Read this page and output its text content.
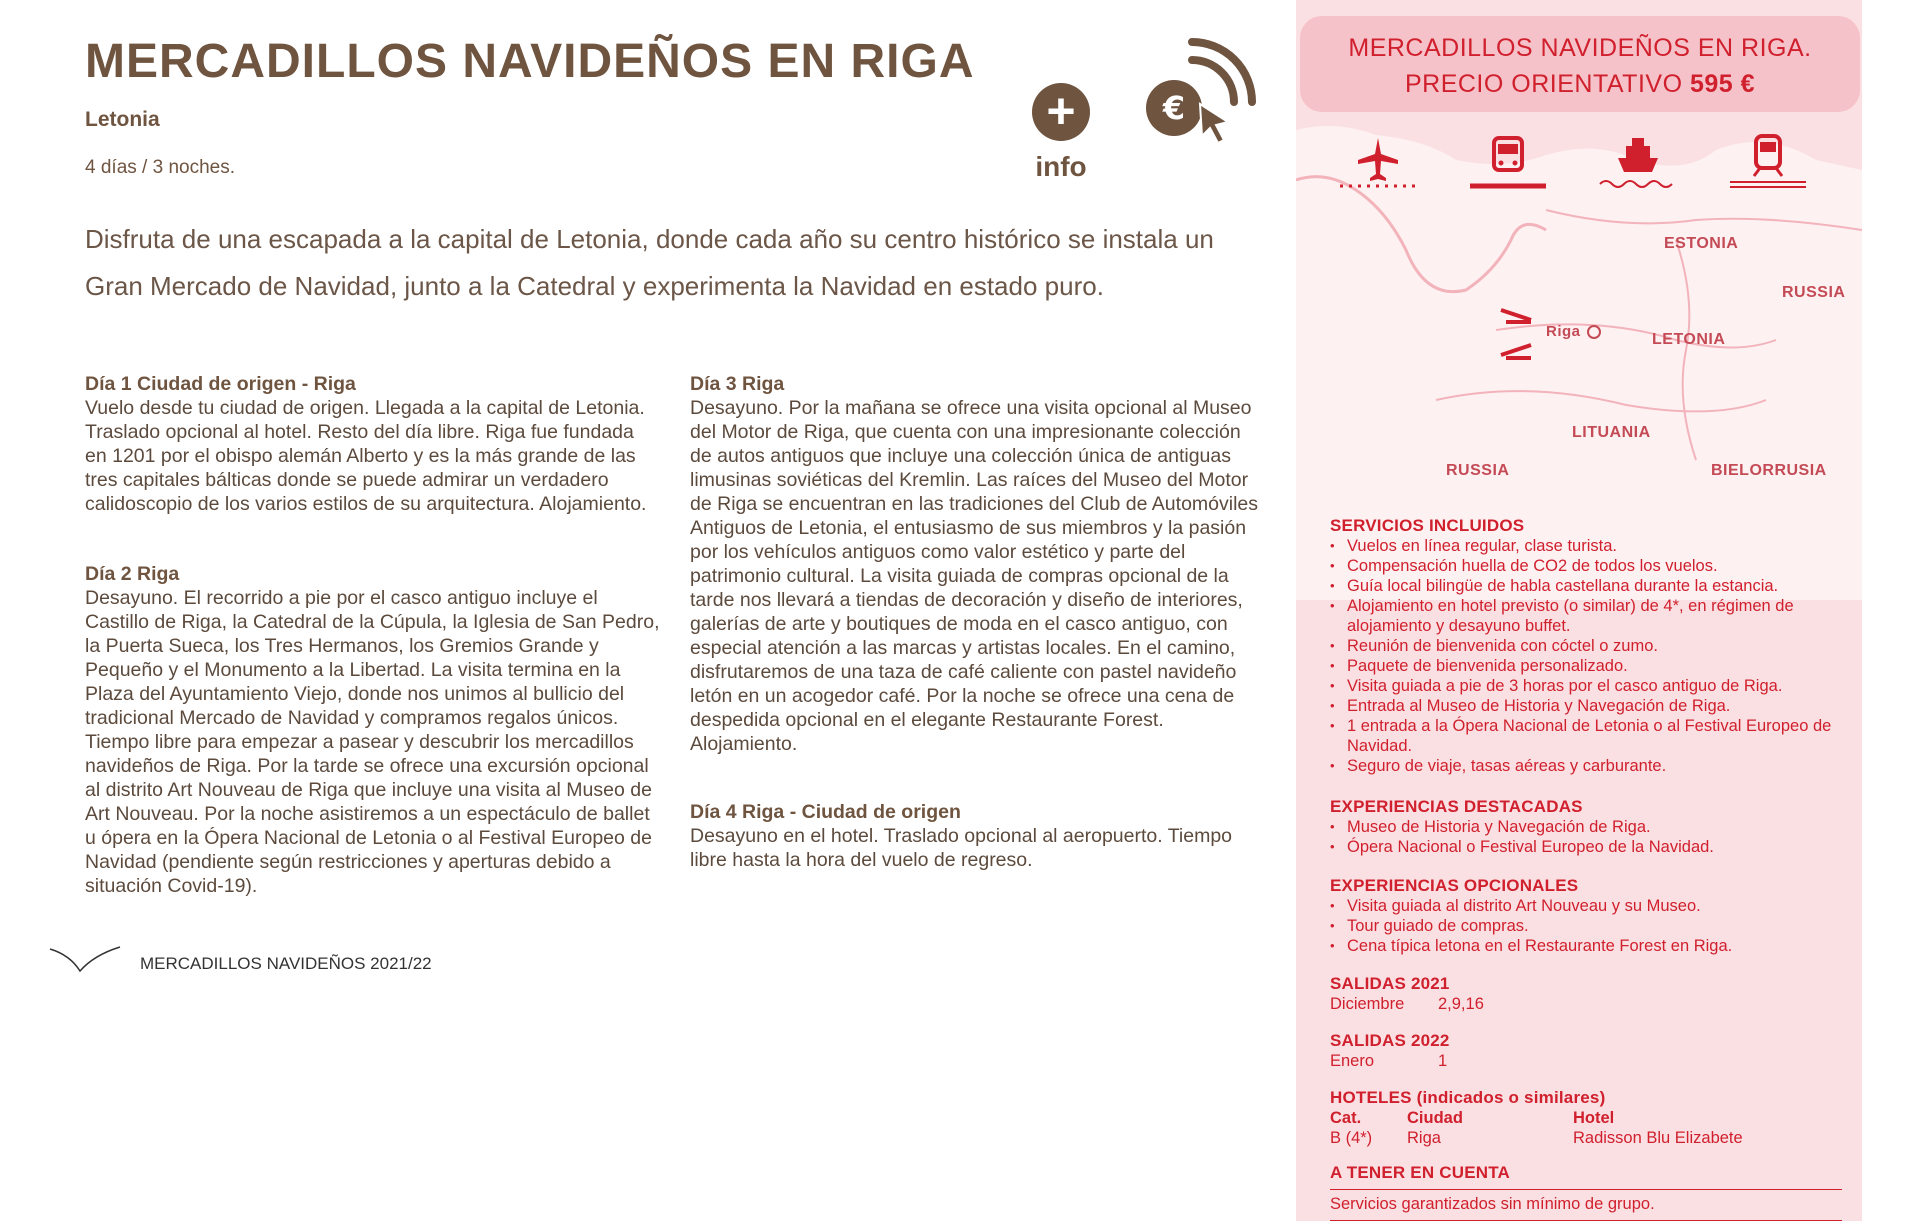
MERCADILLOS NAVIDEÑOS EN RIGA
Letonia
4 días / 3 noches.
+
info
€
Disfruta de una escapada a la capital de Letonia, donde cada año su centro histórico se instala un Gran Mercado de Navidad, junto a la Catedral y experimenta la Navidad en estado puro.
Día 1 Ciudad de origen - Riga

Vuelo desde tu ciudad de origen. Llegada a la capital de Letonia. Traslado opcional al hotel. Resto del día libre. Riga fue fundada en 1201 por el obispo alemán Alberto y es la más grande de las tres capitales bálticas donde se puede admirar un verdadero calidoscopio de los varios estilos de su arquitectura. Alojamiento.

Día 2 Riga

Desayuno. El recorrido a pie por el casco antiguo incluye el Castillo de Riga, la Catedral de la Cúpula, la Iglesia de San Pedro, la Puerta Sueca, los Tres Hermanos, los Gremios Grande y Pequeño y el Monumento a la Libertad. La visita termina en la Plaza del Ayuntamiento Viejo, donde nos unimos al bullicio del tradicional Mercado de Navidad y compramos regalos únicos. Tiempo libre para empezar a pasear y descubrir los mercadillos navideños de Riga. Por la tarde se ofrece una excursión opcional al distrito Art Nouveau de Riga que incluye una visita al Museo de Art Nouveau. Por la noche asistiremos a un espectáculo de ballet u ópera en la Ópera Nacional de Letonia o al Festival Europeo de Navidad (pendiente según restricciones y aperturas debido a situación Covid-19).

Día 3 Riga

Desayuno. Por la mañana se ofrece una visita opcional al Museo del Motor de Riga, que cuenta con una impresionante colección de autos antiguos que incluye una colección única de antiguas limusinas soviéticas del Kremlin. Las raíces del Museo del Motor de Riga se encuentran en las tradiciones del Club de Automóviles Antiguos de Letonia, el entusiasmo de sus miembros y la pasión por los vehículos antiguos como valor estético y parte del patrimonio cultural. La visita guiada de compras opcional de la tarde nos llevará a tiendas de decoración y diseño de interiores, galerías de arte y boutiques de moda en el casco antiguo, con especial atención a las marcas y artistas locales. En el camino, disfrutaremos de una taza de café caliente con pastel navideño letón en un acogedor café. Por la noche se ofrece una cena de despedida opcional en el elegante Restaurante Forest. Alojamiento.

Día 4 Riga - Ciudad de origen

Desayuno en el hotel. Traslado opcional al aeropuerto. Tiempo libre hasta la hora del vuelo de regreso.

MERCADILLOS NAVIDEÑOS 2021/22
MERCADILLOS NAVIDEÑOS EN RIGA.
PRECIO ORIENTATIVO 595 €
ESTONIA
RUSSIA
LETONIA
LITUANIA
RUSSIA	BIELORRUSIA
Riga
SERVICIOS INCLUIDOS
• Vuelos en línea regular, clase turista.
• Compensación huella de CO2 de todos los vuelos.
• Guía local bilingüe de habla castellana durante la estancia.
• Alojamiento en hotel previsto (o similar) de 4*, en régimen de alojamiento y desayuno buffet.
• Reunión de bienvenida con cóctel o zumo.
• Paquete de bienvenida personalizado.
• Visita guiada a pie de 3 horas por el casco antiguo de Riga.
• Entrada al Museo de Historia y Navegación de Riga.
• 1 entrada a la Ópera Nacional de Letonia o al Festival Europeo de Navidad.
• Seguro de viaje, tasas aéreas y carburante.
EXPERIENCIAS DESTACADAS
• Museo de Historia y Navegación de Riga.
• Ópera Nacional o Festival Europeo de la Navidad.
EXPERIENCIAS OPCIONALES
• Visita guiada al distrito Art Nouveau y su Museo.
• Tour guiado de compras.
• Cena típica letona en el Restaurante Forest en Riga.
SALIDAS 2021
Diciembre	2,9,16
SALIDAS 2022
Enero	1
HOTELES (indicados o similares)
Cat.	Ciudad	Hotel
B (4*)	Riga	Radisson Blu Elizabete
A TENER EN CUENTA
Servicios garantizados sin mínimo de grupo.
